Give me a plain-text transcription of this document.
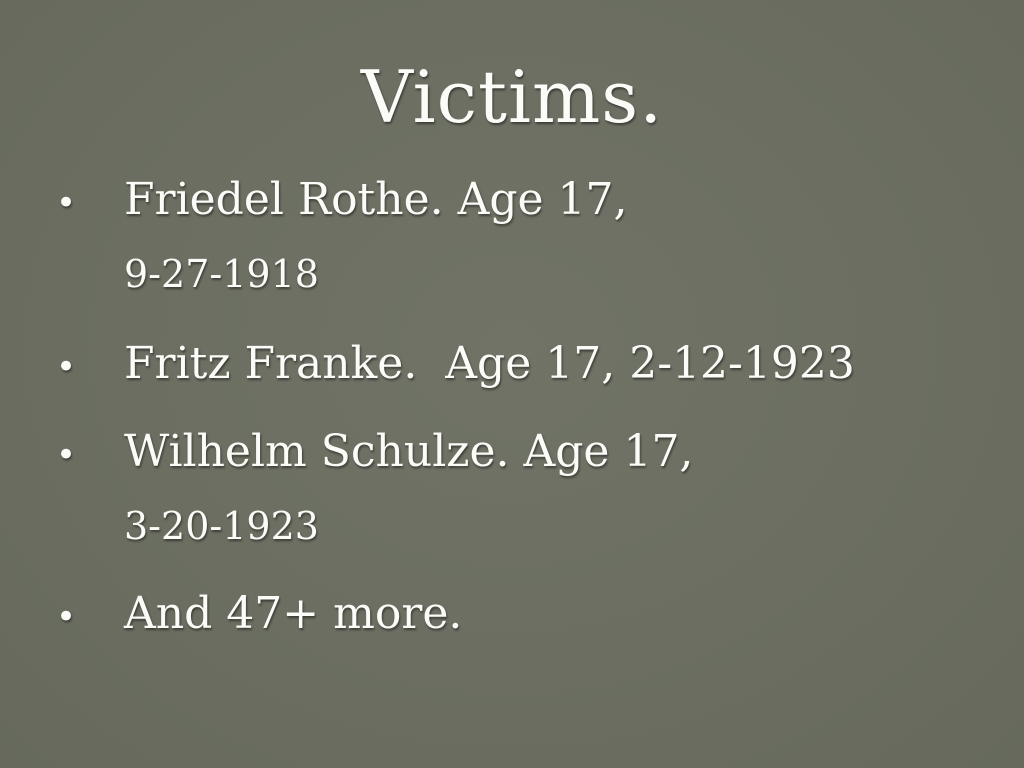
Victims.
• Friedel Rothe. Age 17,
9-27-1918
• Fritz Franke.  Age 17, 2-12-1923
• Wilhelm Schulze. Age 17,
3-20-1923
• And 47+ more.
